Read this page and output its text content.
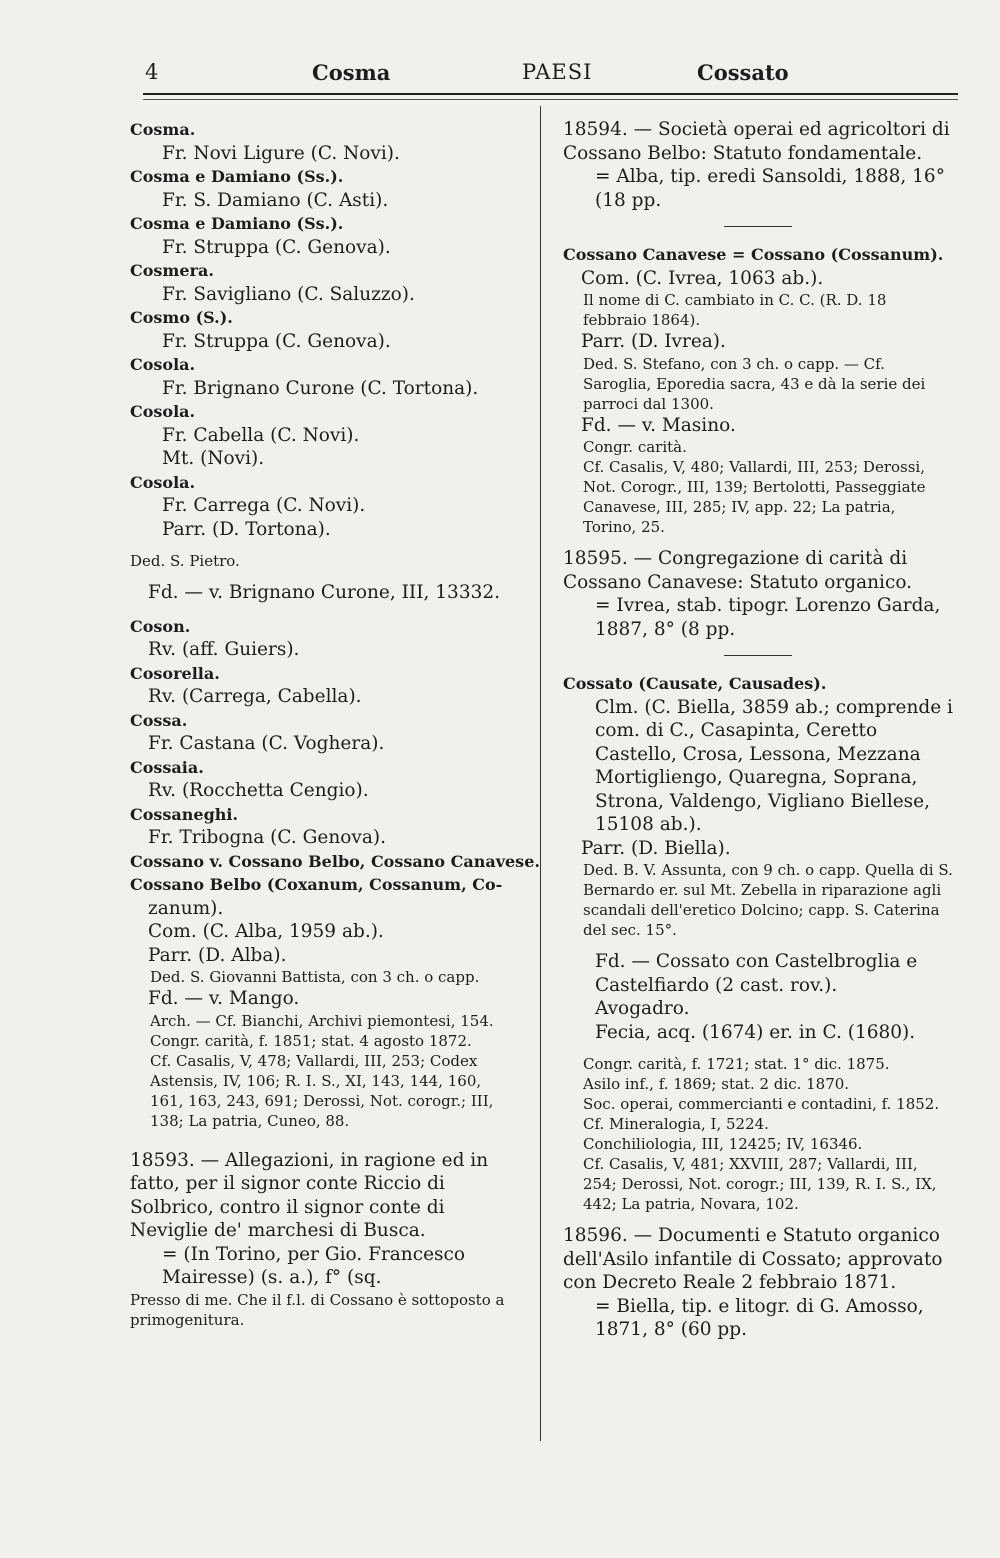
4	Cosma	PAESI	Cossato
Cosma.
Fr. Novi Ligure (C. Novi).
Cosma e Damiano (Ss.).
Fr. S. Damiano (C. Asti).
Cosma e Damiano (Ss.).
Fr. Struppa (C. Genova).
Cosmera.
Fr. Savigliano (C. Saluzzo).
Cosmo (S.).
Fr. Struppa (C. Genova).
Cosola.
Fr. Brignano Curone (C. Tortona).
Cosola.
Fr. Cabella (C. Novi).
Mt. (Novi).
Cosola.
Fr. Carrega (C. Novi).
Parr. (D. Tortona).
Ded. S. Pietro.
Fd. — v. Brignano Curone, III, 13332.
Coson.
Rv. (aff. Guiers).
Cosorella.
Rv. (Carrega, Cabella).
Cossa.
Fr. Castana (C. Voghera).
Cossaia.
Rv. (Rocchetta Cengio).
Cossaneghi.
Fr. Tribogna (C. Genova).
Cossano v. Cossano Belbo, Cossano Canavese.
Cossano Belbo (Coxanum, Cossanum, Co-
zanum).
Com. (C. Alba, 1959 ab.).
Parr. (D. Alba).
Ded. S. Giovanni Battista, con 3 ch. o capp.
Fd. — v. Mango.
Arch. — Cf. Bianchi, Archivi piemontesi, 154.
Congr. carità, f. 1851; stat. 4 agosto 1872.
Cf. Casalis, V, 478; Vallardi, III, 253; Codex Astensis, IV, 106; R. I. S., XI, 143, 144, 160, 161, 163, 243, 691; Derossi, Not. corogr.; III, 138; La patria, Cuneo, 88.
18593. — Allegazioni, in ragione ed in fatto, per il signor conte Riccio di Solbrico, contro il signor conte di Neviglie de' marchesi di Busca.
= (In Torino, per Gio. Francesco Mairesse) (s. a.), f° (sq.
Presso di me. Che il f.l. di Cossano è sottoposto a primogenitura.
18594. — Società operai ed agricoltori di Cossano Belbo: Statuto fondamentale.
= Alba, tip. eredi Sansoldi, 1888, 16° (18 pp.
Cossano Canavese = Cossano (Cossanum).
Com. (C. Ivrea, 1063 ab.).
Il nome di C. cambiato in C. C. (R. D. 18 febbraio 1864).
Parr. (D. Ivrea).
Ded. S. Stefano, con 3 ch. o capp. — Cf. Saroglia, Eporedia sacra, 43 e dà la serie dei parroci dal 1300.
Fd. — v. Masino.
Congr. carità.
Cf. Casalis, V, 480; Vallardi, III, 253; Derossi, Not. Corogr., III, 139; Bertolotti, Passeggiate Canavese, III, 285; IV, app. 22; La patria, Torino, 25.
18595. — Congregazione di carità di Cossano Canavese: Statuto organico.
= Ivrea, stab. tipogr. Lorenzo Garda, 1887, 8° (8 pp.
Cossato (Causate, Causades).
Clm. (C. Biella, 3859 ab.; comprende i com. di C., Casapinta, Ceretto Castello, Crosa, Lessona, Mezzana Mortigliengo, Quaregna, Soprana, Strona, Valdengo, Vigliano Biellese, 15108 ab.).
Parr. (D. Biella).
Ded. B. V. Assunta, con 9 ch. o capp. Quella di S. Bernardo er. sul Mt. Zebella in riparazione agli scandali dell'eretico Dolcino; capp. S. Caterina del sec. 15°.
Fd. — Cossato con Castelbroglia e Castelfiardo (2 cast. rov.).
Avogadro.
Fecia, acq. (1674) er. in C. (1680).
Congr. carità, f. 1721; stat. 1° dic. 1875.
Asilo inf., f. 1869; stat. 2 dic. 1870.
Soc. operai, commercianti e contadini, f. 1852.
Cf. Mineralogia, I, 5224.
Conchiliologia, III, 12425; IV, 16346.
Cf. Casalis, V, 481; XXVIII, 287; Vallardi, III, 254; Derossi, Not. corogr.; III, 139, R. I. S., IX, 442; La patria, Novara, 102.
18596. — Documenti e Statuto organico dell'Asilo infantile di Cossato; approvato con Decreto Reale 2 febbraio 1871.
= Biella, tip. e litogr. di G. Amosso, 1871, 8° (60 pp.
